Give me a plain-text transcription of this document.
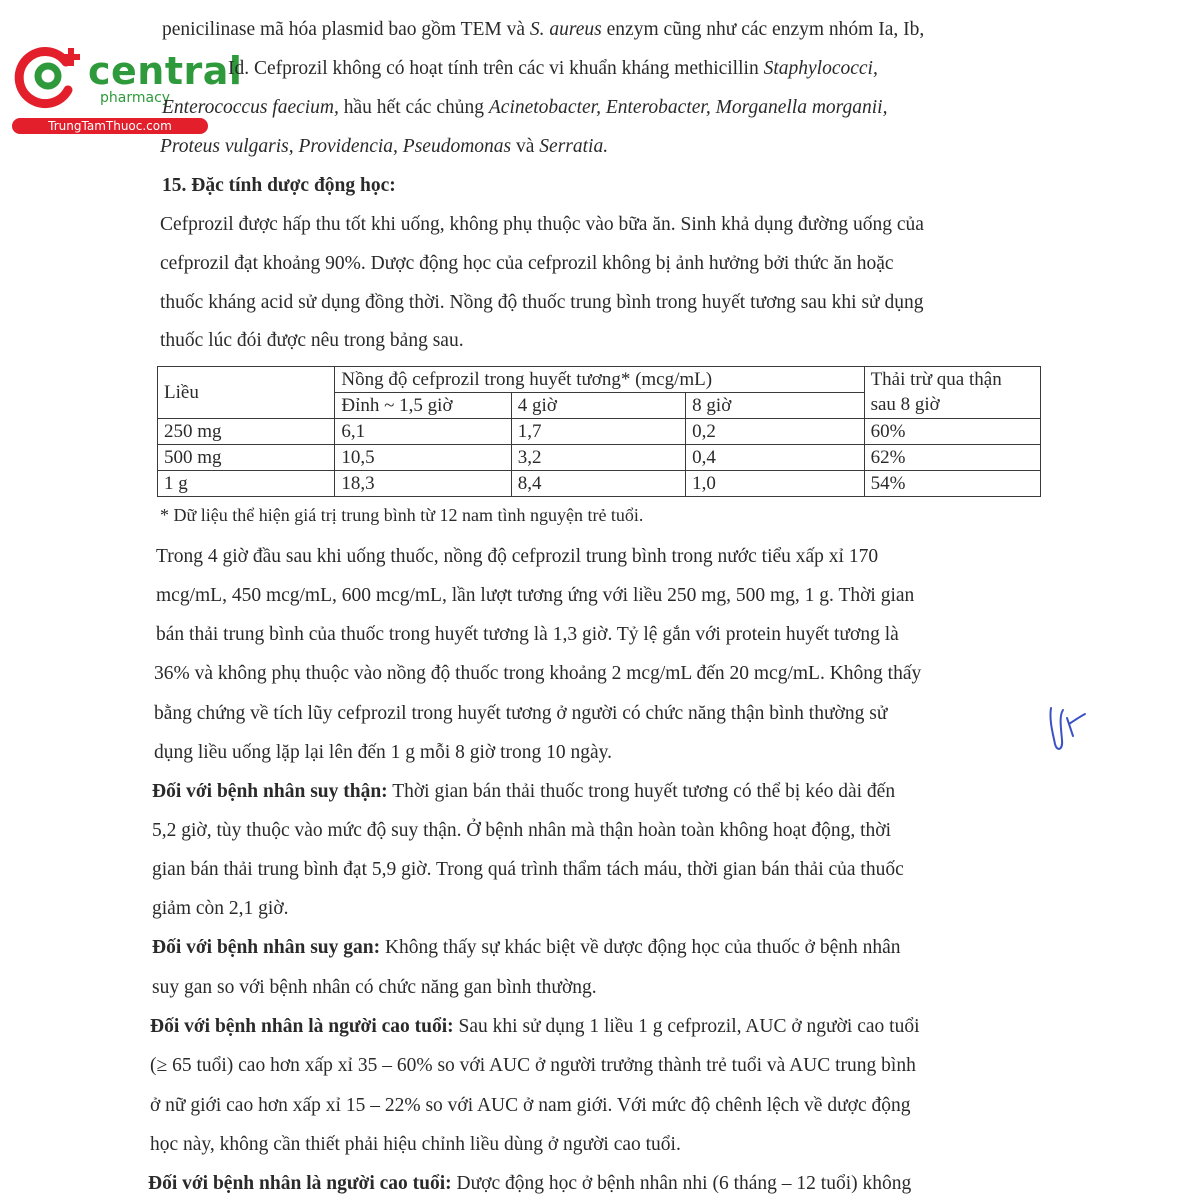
central
pharmacy
TrungTamThuoc.com
penicilinase mã hóa plasmid bao gồm TEM và S. aureus enzym cũng như các enzym nhóm Ia, Ib,
Id. Cefprozil không có hoạt tính trên các vi khuẩn kháng methicillin Staphylococci,
Enterococcus faecium, hầu hết các chủng Acinetobacter, Enterobacter, Morganella morganii,
Proteus vulgaris, Providencia, Pseudomonas và Serratia.
15. Đặc tính dược động học:
Cefprozil được hấp thu tốt khi uống, không phụ thuộc vào bữa ăn. Sinh khả dụng đường uống của
cefprozil đạt khoảng 90%. Dược động học của cefprozil không bị ảnh hưởng bởi thức ăn hoặc
thuốc kháng acid sử dụng đồng thời. Nồng độ thuốc trung bình trong huyết tương sau khi sử dụng
thuốc lúc đói được nêu trong bảng sau.
Liều	Nồng độ cefprozil trong huyết tương* (mcg/mL)			Thải trừ qua thận
	Đỉnh ~ 1,5 giờ	4 giờ	8 giờ	sau 8 giờ
250 mg	6,1	1,7	0,2	60%
500 mg	10,5	3,2	0,4	62%
1 g	18,3	8,4	1,0	54%
* Dữ liệu thể hiện giá trị trung bình từ 12 nam tình nguyện trẻ tuổi.
Trong 4 giờ đầu sau khi uống thuốc, nồng độ cefprozil trung bình trong nước tiểu xấp xỉ 170
mcg/mL, 450 mcg/mL, 600 mcg/mL, lần lượt tương ứng với liều 250 mg, 500 mg, 1 g. Thời gian
bán thải trung bình của thuốc trong huyết tương là 1,3 giờ. Tỷ lệ gắn với protein huyết tương là
36% và không phụ thuộc vào nồng độ thuốc trong khoảng 2 mcg/mL đến 20 mcg/mL. Không thấy
bằng chứng về tích lũy cefprozil trong huyết tương ở người có chức năng thận bình thường sử
dụng liều uống lặp lại lên đến 1 g mỗi 8 giờ trong 10 ngày.
Đối với bệnh nhân suy thận: Thời gian bán thải thuốc trong huyết tương có thể bị kéo dài đến
5,2 giờ, tùy thuộc vào mức độ suy thận. Ở bệnh nhân mà thận hoàn toàn không hoạt động, thời
gian bán thải trung bình đạt 5,9 giờ. Trong quá trình thẩm tách máu, thời gian bán thải của thuốc
giảm còn 2,1 giờ.
Đối với bệnh nhân suy gan: Không thấy sự khác biệt về dược động học của thuốc ở bệnh nhân
suy gan so với bệnh nhân có chức năng gan bình thường.
Đối với bệnh nhân là người cao tuổi: Sau khi sử dụng 1 liều 1 g cefprozil, AUC ở người cao tuổi
(≥ 65 tuổi) cao hơn xấp xỉ 35 – 60% so với AUC ở người trưởng thành trẻ tuổi và AUC trung bình
ở nữ giới cao hơn xấp xỉ 15 – 22% so với AUC ở nam giới. Với mức độ chênh lệch về dược động
học này, không cần thiết phải hiệu chỉnh liều dùng ở người cao tuổi.
Đối với bệnh nhân là người cao tuổi: Dược động học ở bệnh nhân nhi (6 tháng – 12 tuổi) không
